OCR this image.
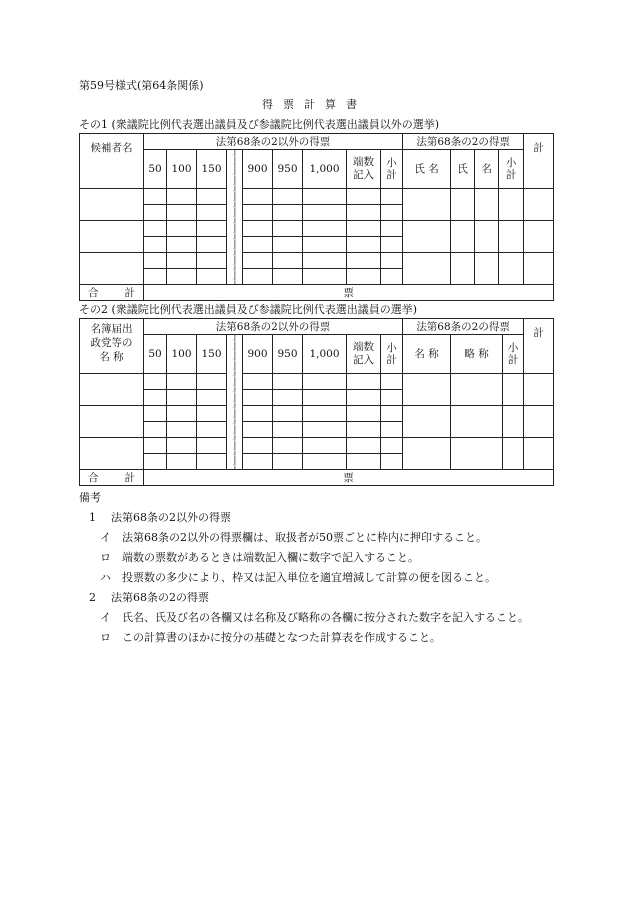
第59号様式(第64条関係)
得票計算書
その1 (衆議院比例代表選出議員及び参議院比例代表選出議員以外の選挙)
候補者名	法第68条の2以外の得票									法第68条の2の得票				計
	50	100	150		900	950	1,000	端数記入	小計	氏 名	氏	名	小計	

合 計	票													
その2 (衆議院比例代表選出議員及び参議院比例代表選出議員の選挙)
名簿届出
政党等の
名 称	法第68条の2以外の得票									法第68条の2の得票			計
	50	100	150		900	950	1,000	端数記入	小計	名 称	略 称	小計	

合 計	票												
備考
1 法第68条の2以外の得票
イ 法第68条の2以外の得票欄は、取扱者が50票ごとに枠内に押印すること。
ロ 端数の票数があるときは端数記入欄に数字で記入すること。
ハ 投票数の多少により、枠又は記入単位を適宜増減して計算の便を図ること。
2 法第68条の2の得票
イ 氏名、氏及び名の各欄又は名称及び略称の各欄に按分された数字を記入すること。
ロ この計算書のほかに按分の基礎となつた計算表を作成すること。
